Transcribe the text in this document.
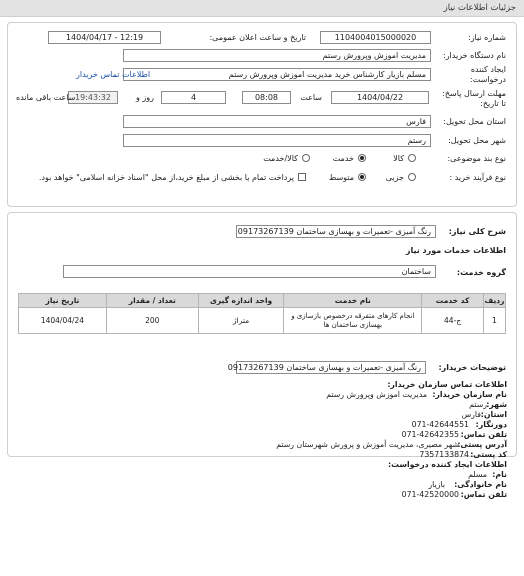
جزئیات اطلاعات نیاز
شماره نیاز:
1104004015000020
تاریخ و ساعت اعلان عمومی:
1404/04/17 - 12:19
نام دستگاه خریدار:
مدیریت اموزش وپرورش رستم
ایجاد کننده
درخواست:
مسلم بازیار کارشناس خرید مدیریت اموزش وپرورش رستم
اطلاعات تماس خریدار
مهلت ارسال پاسخ:
تا تاریخ:
1404/04/22
ساعت
08:08
4
روز و
19:43:32
ساعت باقی مانده
استان محل تحویل:
فارس
شهر محل تحویل:
رستم
نوع بند موضوعی:
کالا
خدمت
کالا/خدمت
نوع فرآیند خرید :
جزیی
متوسط
پرداخت تمام یا بخشی از مبلغ خرید،از محل "اسناد خزانه اسلامی" خواهد بود.
شرح کلی نیاز:
رنگ آمیزی -تعمیرات و بهسازی ساختمان 09173267139
اطلاعات خدمات مورد نیاز
گروه خدمت:
ساختمان
ردیف	کد خدمت	نام خدمت	واحد اندازه گیری	تعداد / مقدار	تاریخ نیاز
1	ج-44	انجام کارهای متفرقه درخصوص بازسازی و بهسازی ساختمان ها	متراژ	200	1404/04/24
توضیحات خریدار:
رنگ آمیزی -تعمیرات و بهسازی ساختمان 09173267139
اطلاعات تماس سازمان خریدار:
نام سازمان خریدار:
مدیریت اموزش وپرورش رستم
شهر:
رستم
استان:
فارس
دورنگار:
071-42644551
تلفن تماس:
071-42642355
آدرس پستی:
شهر مصیری، مدیریت آموزش و پرورش شهرستان رستم
کد پستی:
7357133874
اطلاعات ایجاد کننده درخواست:
نام:
مسلم
نام خانوادگی:
بازیار
تلفن تماس:
071-42520000
